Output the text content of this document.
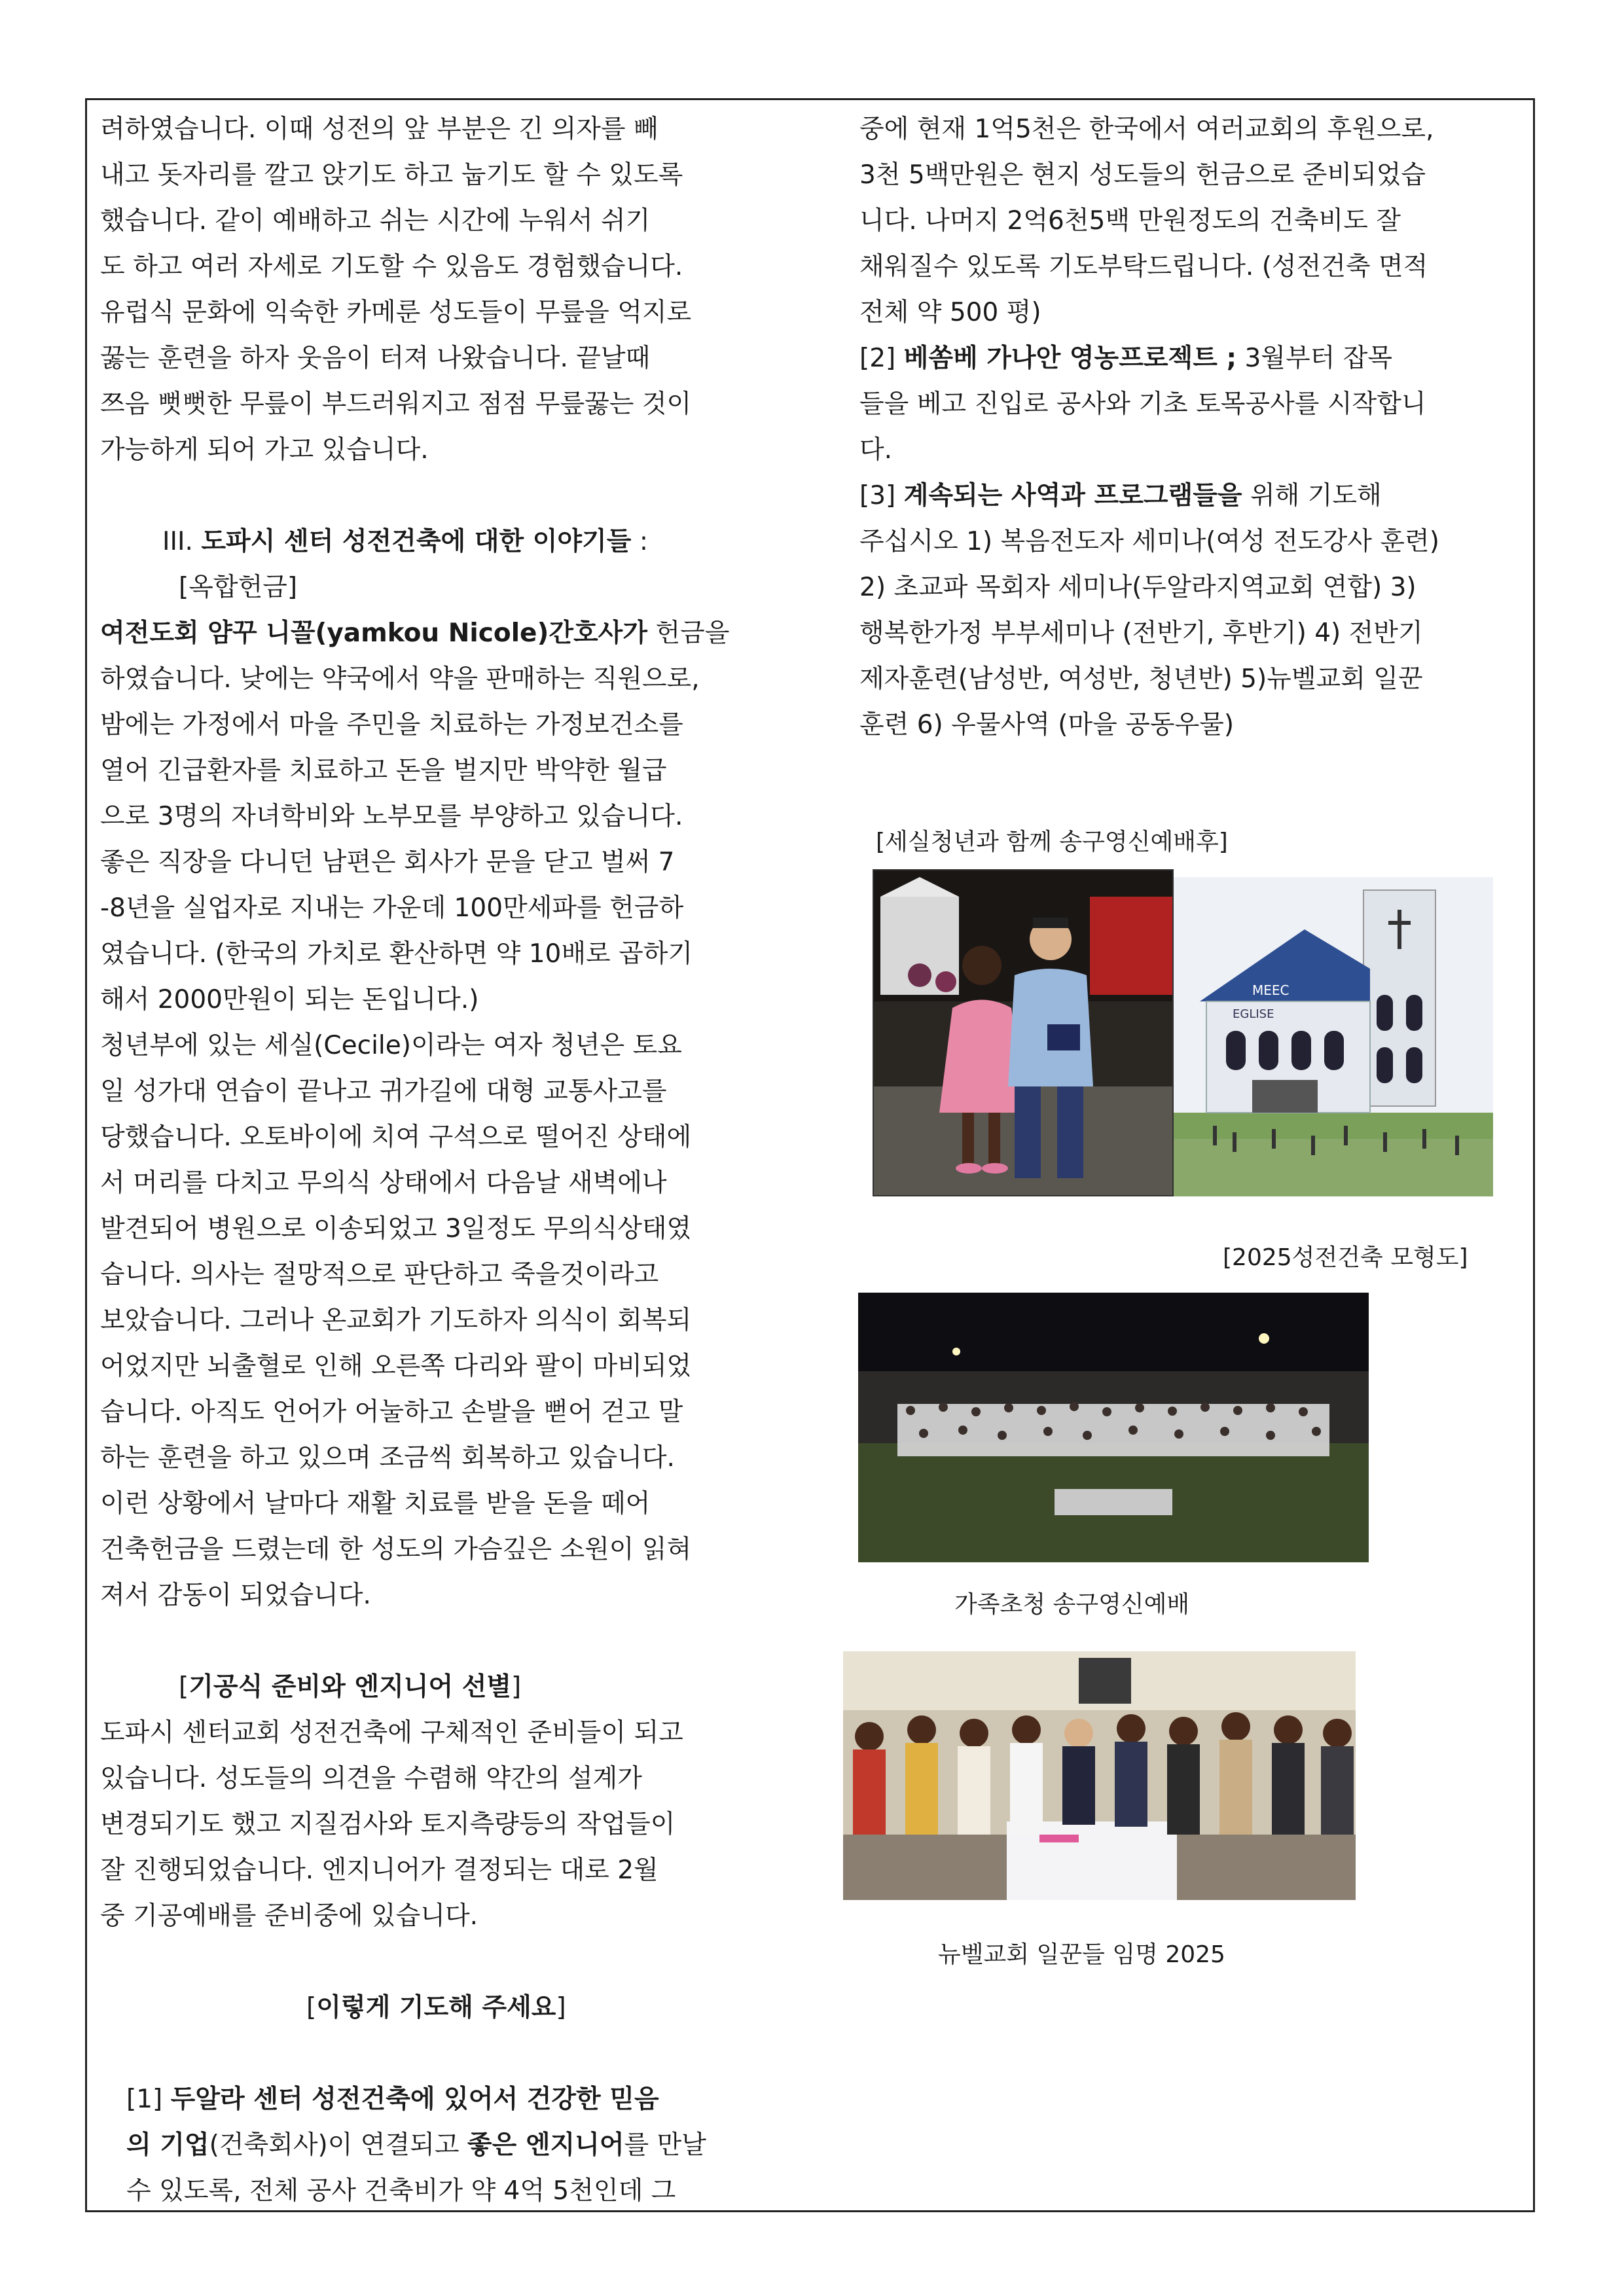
려하였습니다. 이때 성전의 앞 부분은 긴 의자를 빼
내고 돗자리를 깔고 앉기도 하고 눕기도 할 수 있도록
했습니다. 같이 예배하고 쉬는 시간에 누워서 쉬기
도 하고 여러 자세로 기도할 수 있음도 경험했습니다.
유럽식 문화에 익숙한 카메룬 성도들이 무릎을 억지로
꿇는 훈련을 하자 웃음이 터져 나왔습니다. 끝날때
쯔음 뻣뻣한 무릎이 부드러워지고 점점 무릎꿇는 것이
가능하게 되어 가고 있습니다.
III. 도파시 센터 성전건축에 대한 이야기들 :
[옥합헌금]
여전도회 얌꾸 니꼴(yamkou Nicole)간호사가 헌금을
하였습니다. 낮에는 약국에서 약을 판매하는 직원으로,
밤에는 가정에서 마을 주민을 치료하는 가정보건소를
열어 긴급환자를 치료하고 돈을 벌지만 박약한 월급
으로 3명의 자녀학비와 노부모를 부양하고 있습니다.
좋은 직장을 다니던 남편은 회사가 문을 닫고 벌써 7
-8년을 실업자로 지내는 가운데 100만세파를 헌금하
였습니다. (한국의 가치로 환산하면 약 10배로 곱하기
해서 2000만원이 되는 돈입니다.)
청년부에 있는 세실(Cecile)이라는 여자 청년은 토요
일 성가대 연습이 끝나고 귀가길에 대형 교통사고를
당했습니다. 오토바이에 치여 구석으로 떨어진 상태에
서 머리를 다치고 무의식 상태에서 다음날 새벽에나
발견되어 병원으로 이송되었고 3일정도 무의식상태였
습니다. 의사는 절망적으로 판단하고 죽을것이라고
보았습니다. 그러나 온교회가 기도하자 의식이 회복되
어었지만 뇌출혈로 인해 오른쪽 다리와 팔이 마비되었
습니다. 아직도 언어가 어눌하고 손발을 뻗어 걷고 말
하는 훈련을 하고 있으며 조금씩 회복하고 있습니다.
이런 상황에서 날마다 재활 치료를 받을 돈을 떼어
건축헌금을 드렸는데 한 성도의 가슴깊은 소원이 읽혀
져서 감동이 되었습니다.
[기공식 준비와 엔지니어 선별]
도파시 센터교회 성전건축에 구체적인 준비들이 되고
있습니다. 성도들의 의견을 수렴해 약간의 설계가
변경되기도 했고 지질검사와 토지측량등의 작업들이
잘 진행되었습니다. 엔지니어가 결정되는 대로 2월
중 기공예배를 준비중에 있습니다.
[이렇게 기도해 주세요]
[1] 두알라 센터 성전건축에 있어서 건강한 믿음
의 기업(건축회사)이 연결되고 좋은 엔지니어를 만날
수 있도록, 전체 공사 건축비가 약 4억 5천인데 그
중에 현재 1억5천은 한국에서 여러교회의 후원으로,
3천 5백만원은 현지 성도들의 헌금으로 준비되었습
니다. 나머지 2억6천5백 만원정도의 건축비도 잘
채워질수 있도록 기도부탁드립니다. (성전건축 면적
전체 약 500 평)
[2] 베쏨베 가나안 영농프로젝트 ; 3월부터 잡목
들을 베고 진입로 공사와 기초 토목공사를 시작합니
다.
[3] 계속되는 사역과 프로그램들을 위해 기도해
주십시오 1) 복음전도자 세미나(여성 전도강사 훈련)
2) 초교파 목회자 세미나(두알라지역교회 연합) 3)
행복한가정 부부세미나 (전반기, 후반기) 4) 전반기
제자훈련(남성반, 여성반, 청년반) 5)뉴벨교회 일꾼
훈련 6) 우물사역 (마을 공동우물)
[세실청년과 함께 송구영신예배후]
MEEC
EGLISE
[2025성전건축 모형도]
가족초청 송구영신예배
뉴벨교회 일꾼들 임명 2025
